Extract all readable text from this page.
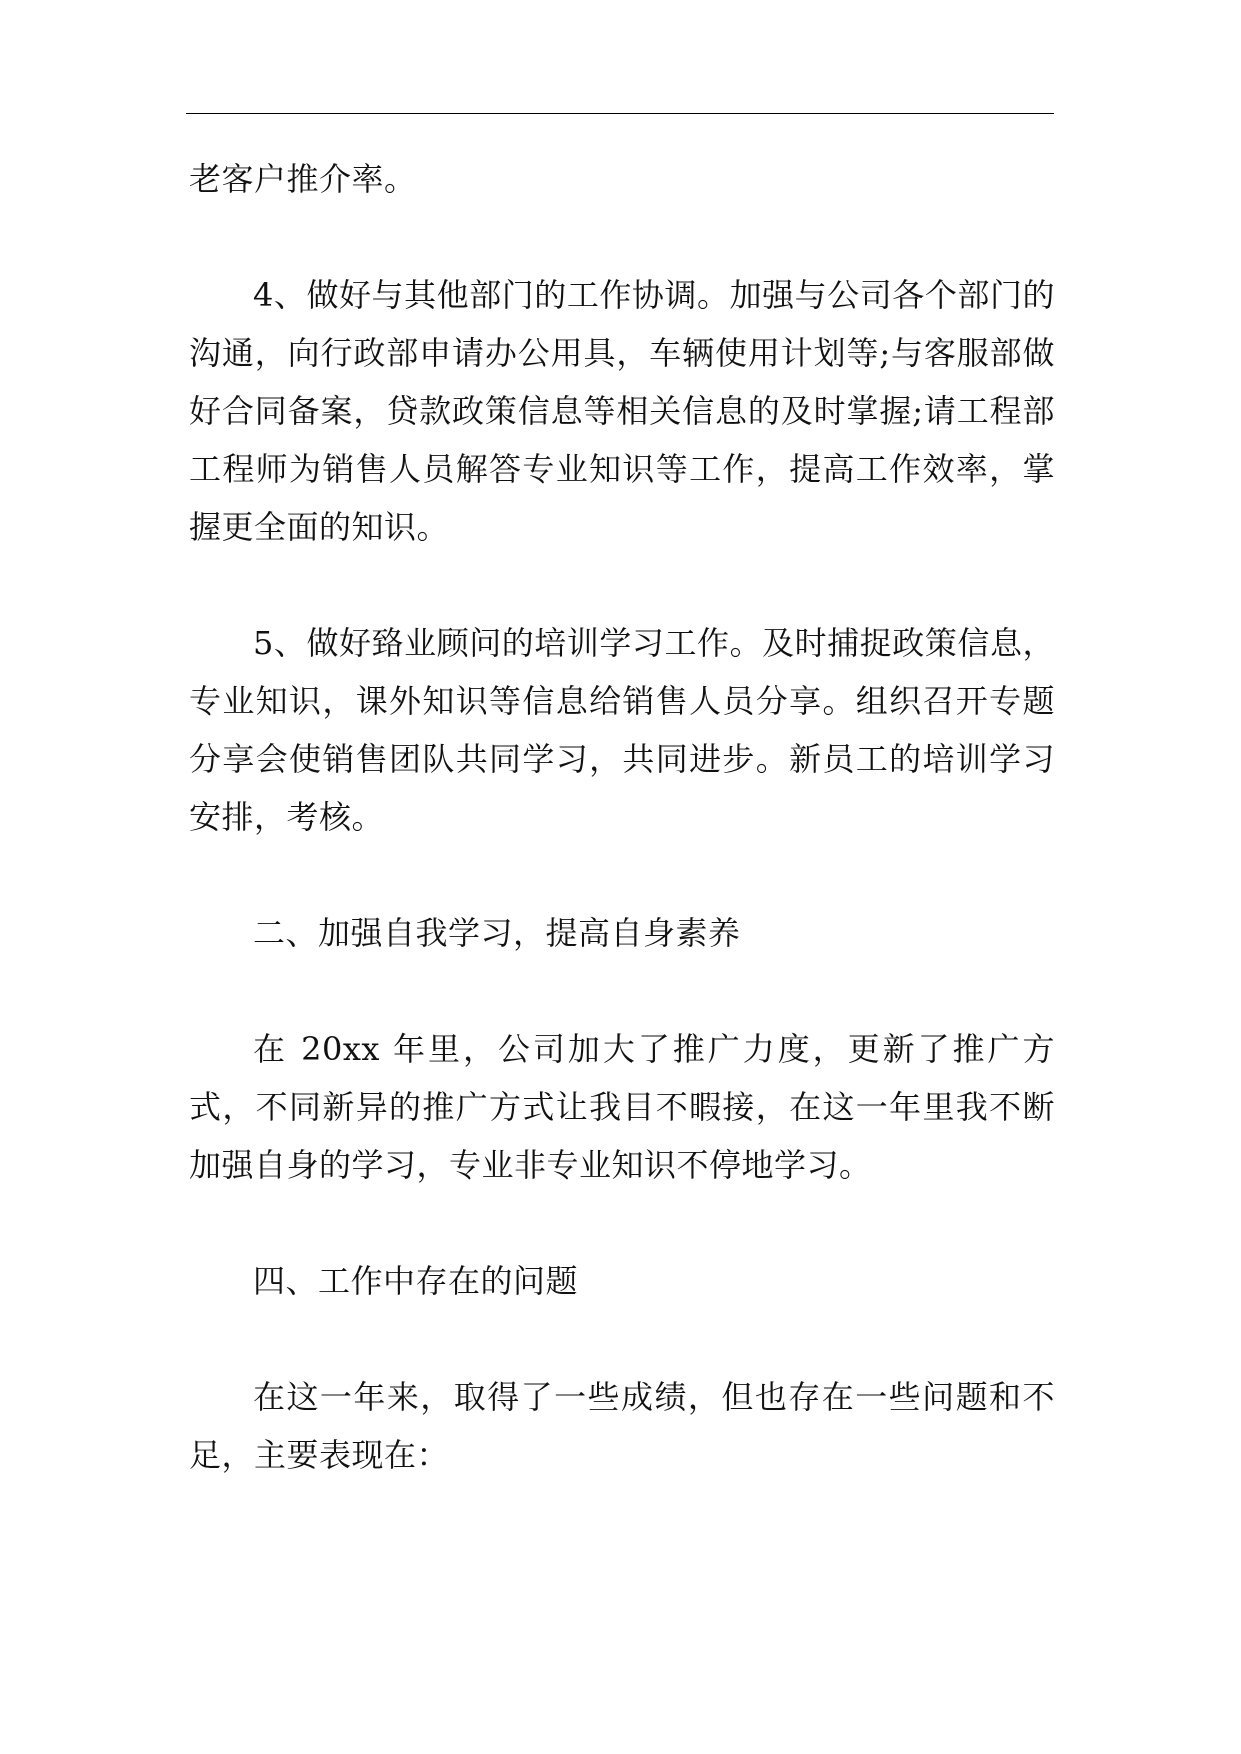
老客户推介率。

4、做好与其他部门的工作协调。加强与公司各个部门的沟通，向行政部申请办公用具，车辆使用计划等;与客服部做好合同备案，贷款政策信息等相关信息的及时掌握;请工程部工程师为销售人员解答专业知识等工作，提高工作效率，掌握更全面的知识。

5、做好臵业顾问的培训学习工作。及时捕捉政策信息，专业知识，课外知识等信息给销售人员分享。组织召开专题分享会使销售团队共同学习，共同进步。新员工的培训学习安排，考核。

二、加强自我学习，提高自身素养

在 20xx 年里，公司加大了推广力度，更新了推广方式，不同新异的推广方式让我目不暇接，在这一年里我不断加强自身的学习，专业非专业知识不停地学习。

四、工作中存在的问题

在这一年来，取得了一些成绩，但也存在一些问题和不足，主要表现在：
